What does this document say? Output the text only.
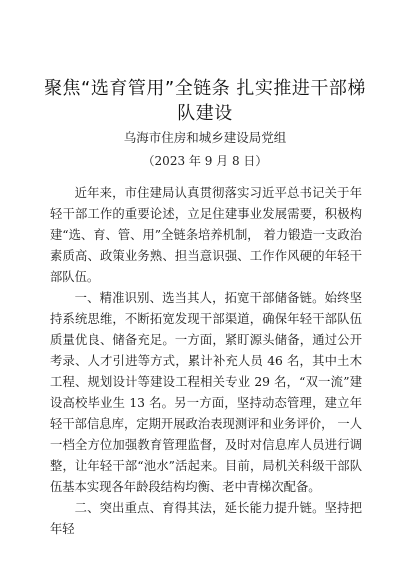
聚焦“选育管用”全链条 扎实推进干部梯队建设
乌海市住房和城乡建设局党组
（2023 年 9 月 8 日）

近年来，市住建局认真贯彻落实习近平总书记关于年轻干部工作的重要论述，立足住建事业发展需要，积极构建“选、育、管、用”全链条培养机制， 着力锻造一支政治素质高、政策业务熟、担当意识强、工作作风硬的年轻干部队伍。

一、精准识别、选当其人，拓宽干部储备链。始终坚持系统思维，不断拓宽发现干部渠道，确保年轻干部队伍质量优良、储备充足。一方面，紧盯源头储备，通过公开考录、人才引进等方式，累计补充人员 46 名，其中土木工程、规划设计等建设工程相关专业 29 名，“双一流”建设高校毕业生 13 名。另一方面，坚持动态管理，建立年轻干部信息库，定期开展政治表现测评和业务评价， 一人一档全方位加强教育管理监督，及时对信息库人员进行调整，让年轻干部“池水”活起来。目前，局机关科级干部队伍基本实现各年龄段结构均衡、老中青梯次配备。

二、突出重点、育得其法，延长能力提升链。坚持把年轻
